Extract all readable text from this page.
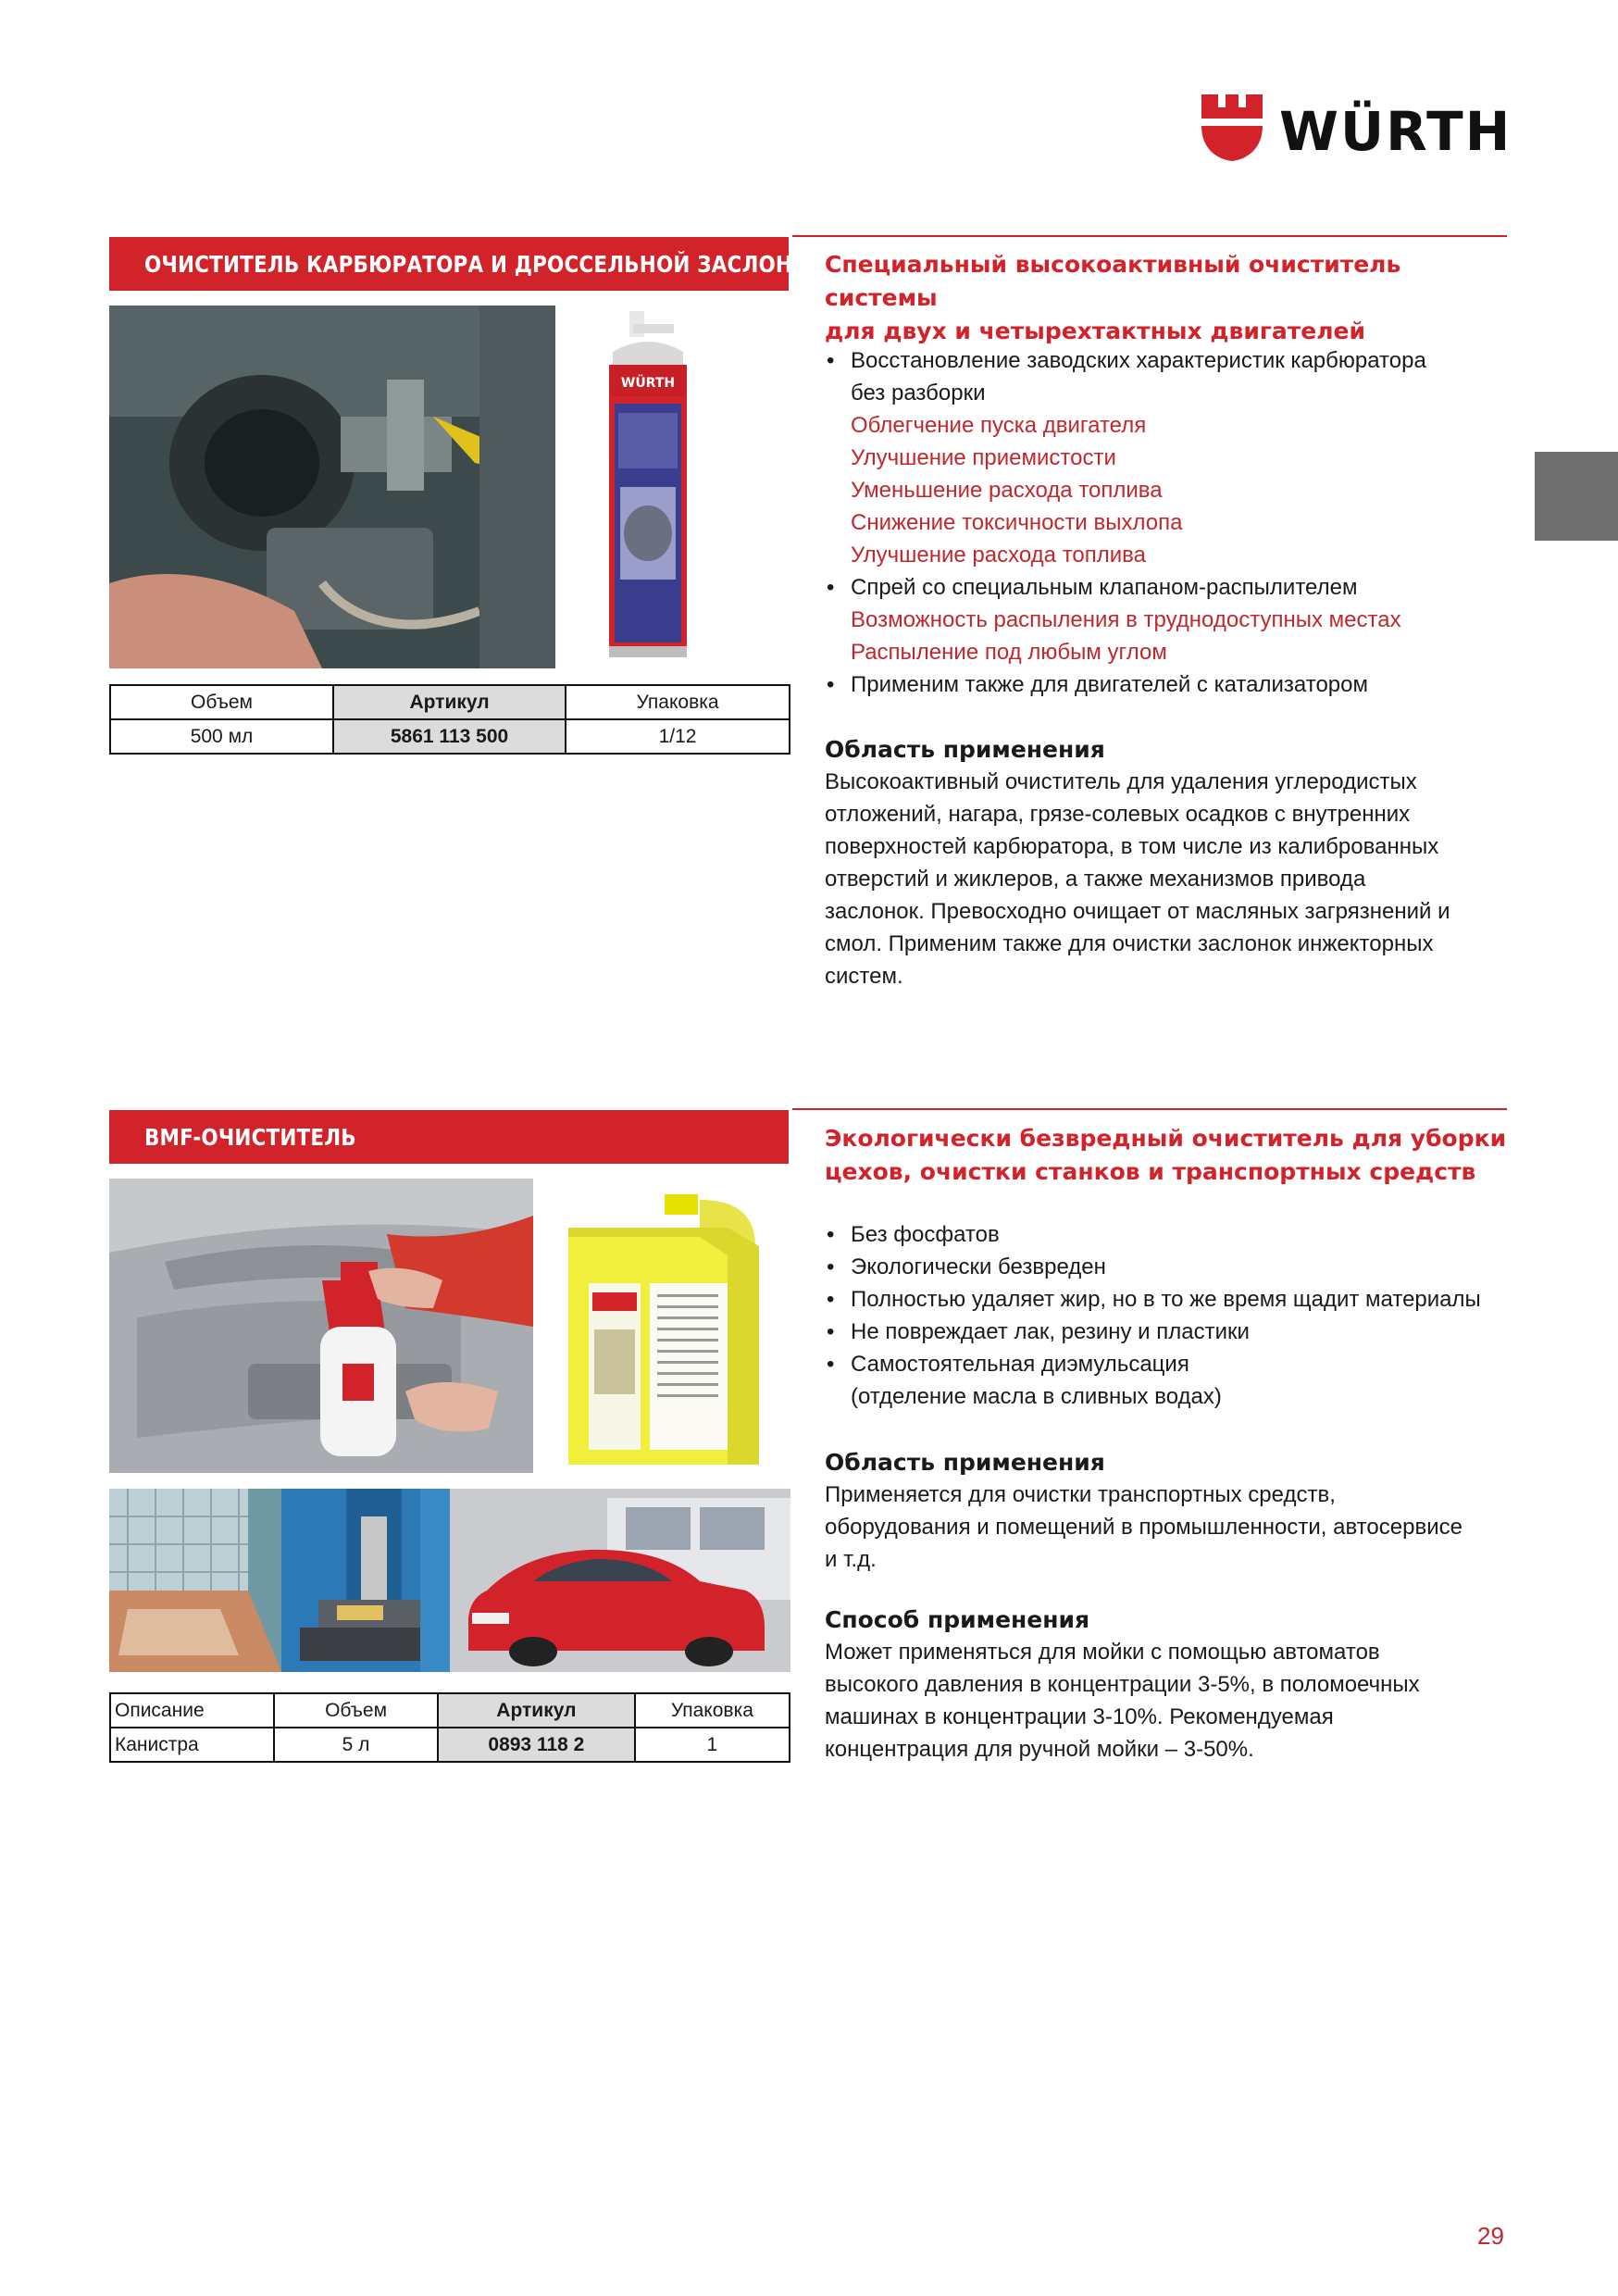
WÜRTH
ОЧИСТИТЕЛЬ КАРБЮРАТОРА И ДРОССЕЛЬНОЙ ЗАСЛОНКИ
Специальный высокоактивный очиститель системы
для двух и четырехтактных двигателей
WÜRTH
Объем	Артикул	Упаковка
500 мл	5861 113 500	1/12
• Восстановление заводских характеристик карбюратора
без разборки
Облегчение пуска двигателя
Улучшение приемистости
Уменьшение расхода топлива
Снижение токсичности выхлопа
Улучшение расхода топлива
• Спрей со специальным клапаном-распылителем
Возможность распыления в труднодоступных местах
Распыление под любым углом
• Применим также для двигателей с катализатором
Область применения
Высокоактивный очиститель для удаления углеродистых
отложений, нагара, грязе-солевых осадков с внутренних
поверхностей карбюратора, в том числе из калиброванных
отверстий и жиклеров, а также механизмов привода
заслонок. Превосходно очищает от масляных загрязнений и
смол. Применим также для очистки заслонок инжекторных
систем.
BMF-ОЧИСТИТЕЛЬ	Экологически безвредный очиститель для уборки
цехов, очистки станков и транспортных средств
Описание	Объем	Артикул	Упаковка
Канистра	5 л	0893 118 2	1
• Без фосфатов
• Экологически безвреден
• Полностью удаляет жир, но в то же время щадит материалы
• Не повреждает лак, резину и пластики
• Самостоятельная диэмульсация
(отделение масла в сливных водах)
Область применения
Применяется для очистки транспортных средств,
оборудования и помещений в промышленности, автосервисе
и т.д.
Способ применения
Может применяться для мойки с помощью автоматов
высокого давления в концентрации 3-5%, в поломоечных
машинах в концентрации 3-10%. Рекомендуемая
концентрация для ручной мойки – 3-50%.
29
